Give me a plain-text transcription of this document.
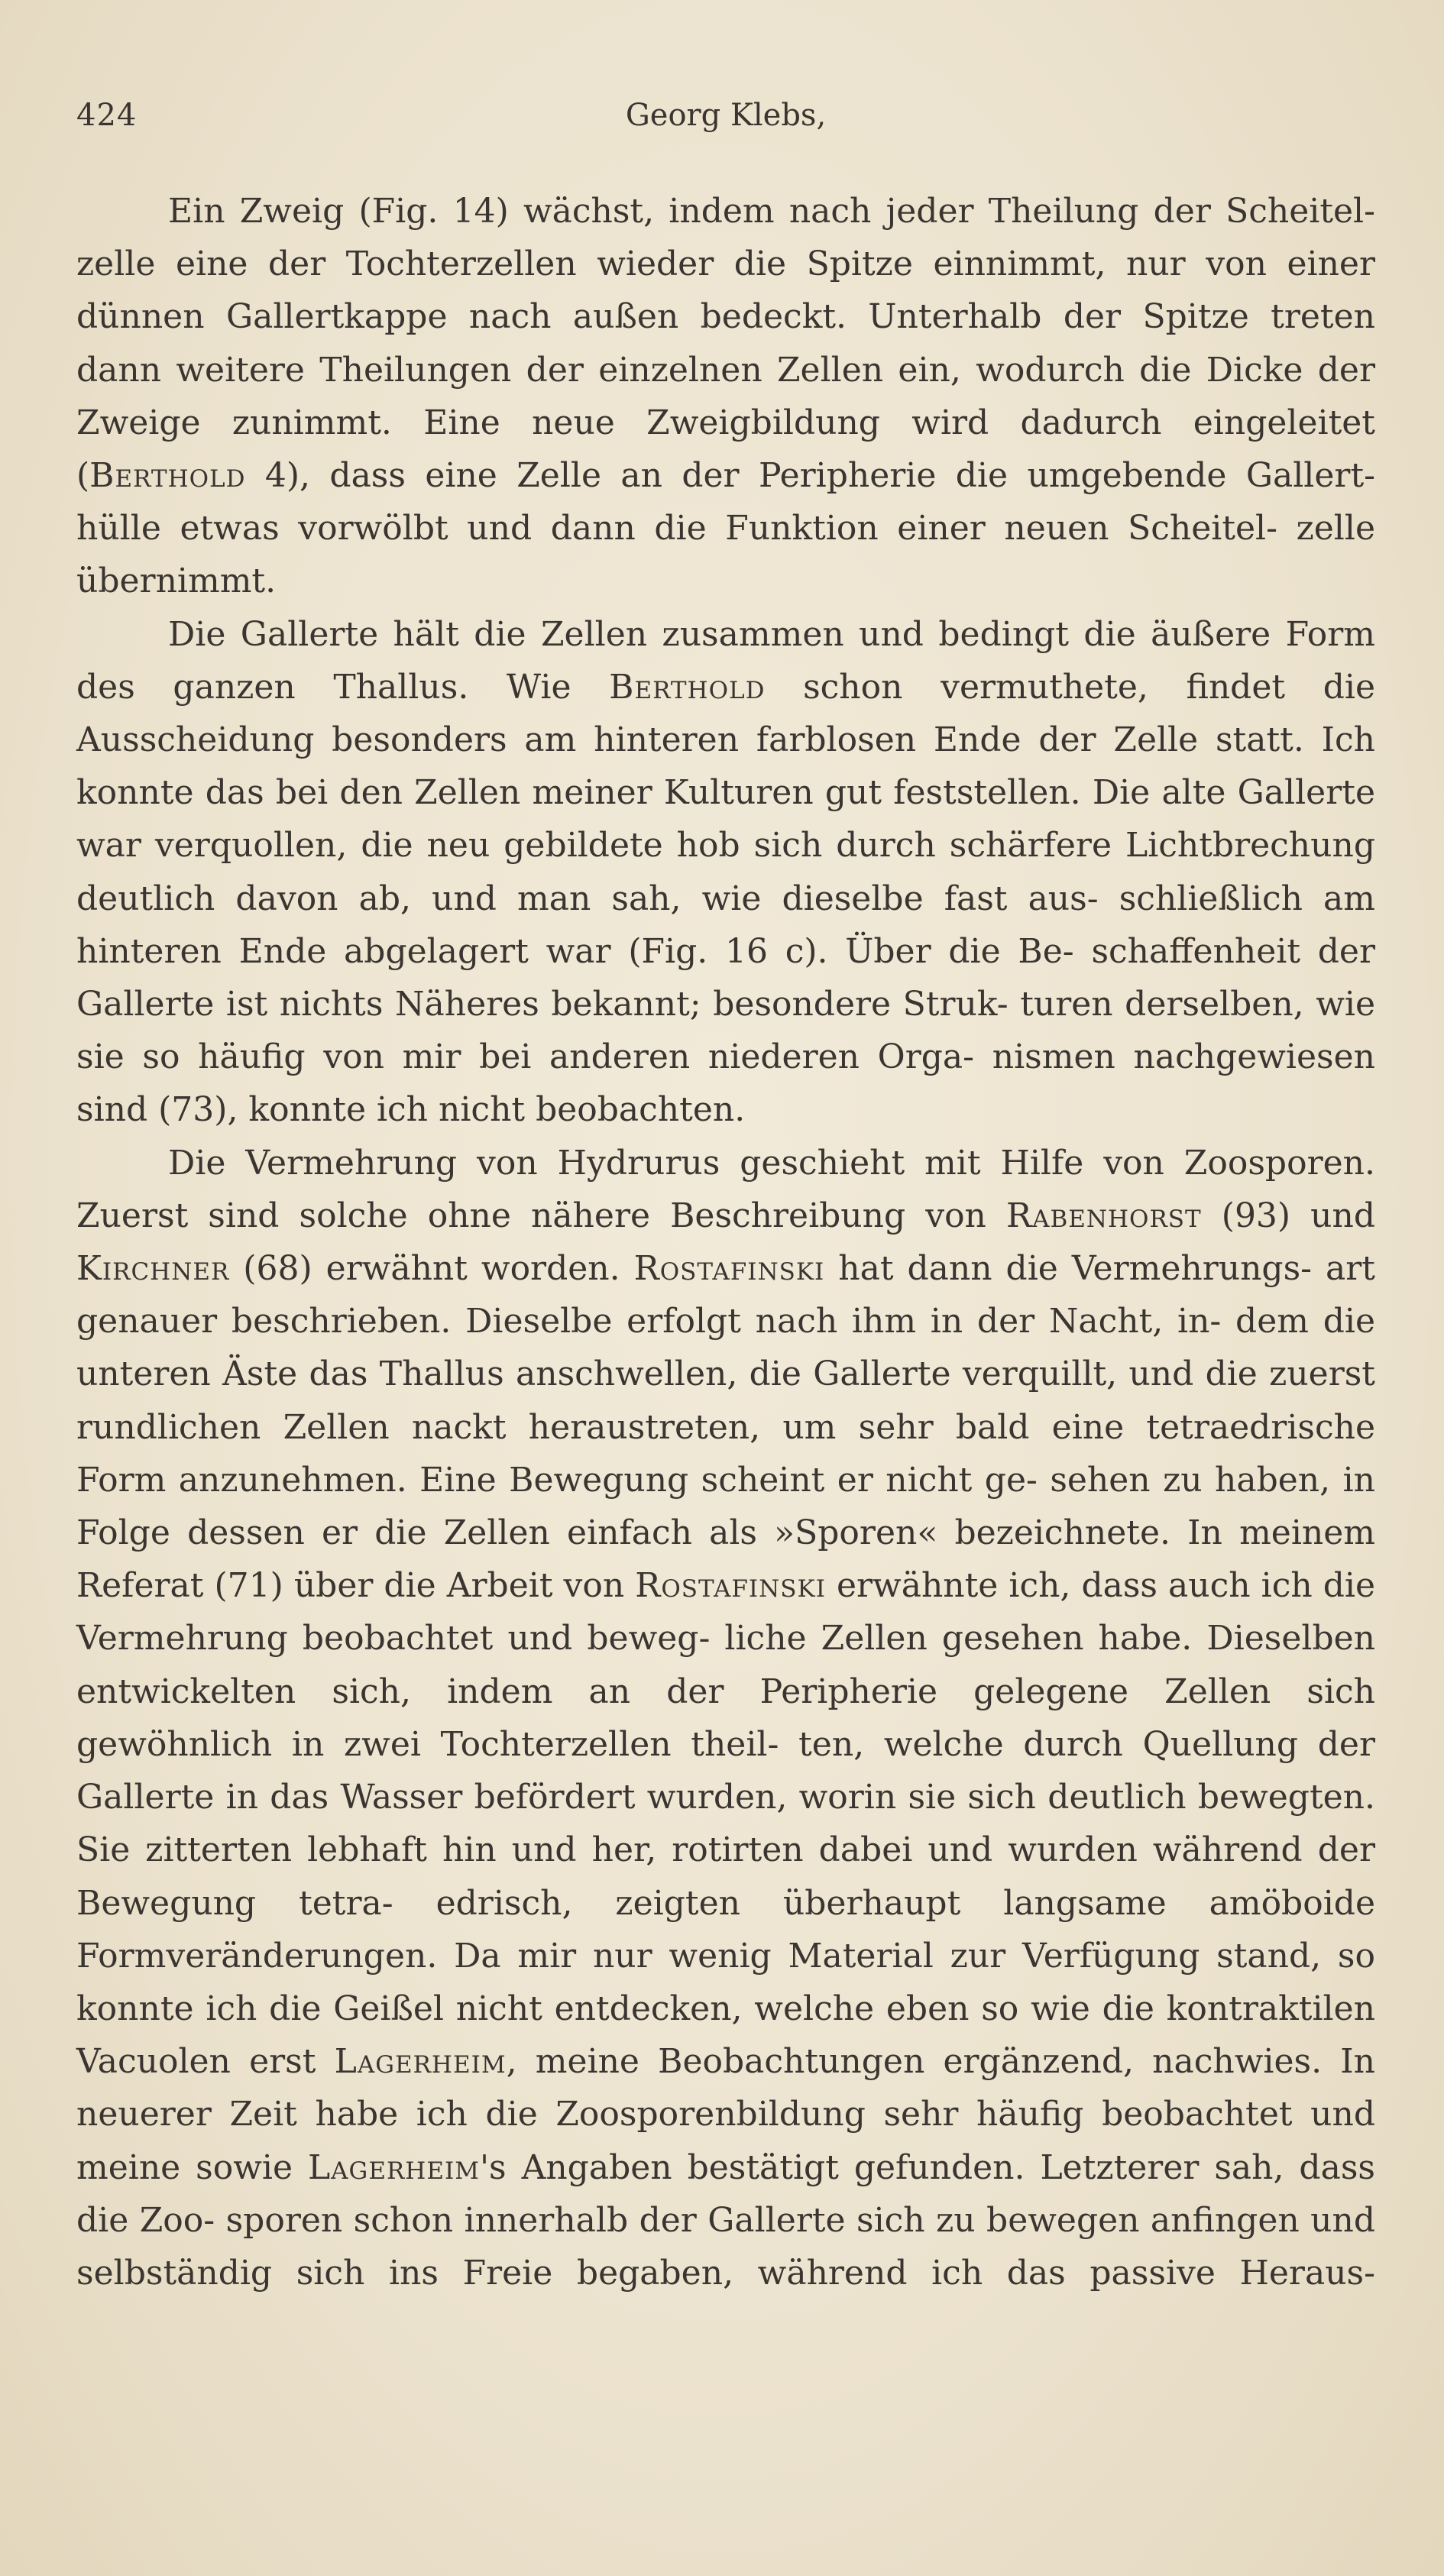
424	Georg Klebs,
Ein Zweig (Fig. 14) wächst, indem nach jeder Theilung der Scheitel- zelle eine der Tochterzellen wieder die Spitze einnimmt, nur von einer dünnen Gallertkappe nach außen bedeckt. Unterhalb der Spitze treten dann weitere Theilungen der einzelnen Zellen ein, wodurch die Dicke der Zweige zunimmt. Eine neue Zweigbildung wird dadurch eingeleitet (Berthold 4), dass eine Zelle an der Peripherie die umgebende Gallert- hülle etwas vorwölbt und dann die Funktion einer neuen Scheitel- zelle übernimmt.
Die Gallerte hält die Zellen zusammen und bedingt die äußere Form des ganzen Thallus. Wie Berthold schon vermuthete, findet die Ausscheidung besonders am hinteren farblosen Ende der Zelle statt. Ich konnte das bei den Zellen meiner Kulturen gut feststellen. Die alte Gallerte war verquollen, die neu gebildete hob sich durch schärfere Lichtbrechung deutlich davon ab, und man sah, wie dieselbe fast aus- schließlich am hinteren Ende abgelagert war (Fig. 16 c). Über die Be- schaffenheit der Gallerte ist nichts Näheres bekannt; besondere Struk- turen derselben, wie sie so häufig von mir bei anderen niederen Orga- nismen nachgewiesen sind (73), konnte ich nicht beobachten.
Die Vermehrung von Hydrurus geschieht mit Hilfe von Zoosporen. Zuerst sind solche ohne nähere Beschreibung von Rabenhorst (93) und Kirchner (68) erwähnt worden. Rostafinski hat dann die Vermehrungs- art genauer beschrieben. Dieselbe erfolgt nach ihm in der Nacht, in- dem die unteren Äste das Thallus anschwellen, die Gallerte verquillt, und die zuerst rundlichen Zellen nackt heraustreten, um sehr bald eine tetraedrische Form anzunehmen. Eine Bewegung scheint er nicht ge- sehen zu haben, in Folge dessen er die Zellen einfach als »Sporen« bezeichnete. In meinem Referat (71) über die Arbeit von Rostafinski erwähnte ich, dass auch ich die Vermehrung beobachtet und beweg- liche Zellen gesehen habe. Dieselben entwickelten sich, indem an der Peripherie gelegene Zellen sich gewöhnlich in zwei Tochterzellen theil- ten, welche durch Quellung der Gallerte in das Wasser befördert wurden, worin sie sich deutlich bewegten. Sie zitterten lebhaft hin und her, rotirten dabei und wurden während der Bewegung tetra- edrisch, zeigten überhaupt langsame amöboide Formveränderungen. Da mir nur wenig Material zur Verfügung stand, so konnte ich die Geißel nicht entdecken, welche eben so wie die kontraktilen Vacuolen erst Lagerheim, meine Beobachtungen ergänzend, nachwies. In neuerer Zeit habe ich die Zoosporenbildung sehr häufig beobachtet und meine sowie Lagerheim's Angaben bestätigt gefunden. Letzterer sah, dass die Zoo- sporen schon innerhalb der Gallerte sich zu bewegen anfingen und selbständig sich ins Freie begaben, während ich das passive Heraus-
